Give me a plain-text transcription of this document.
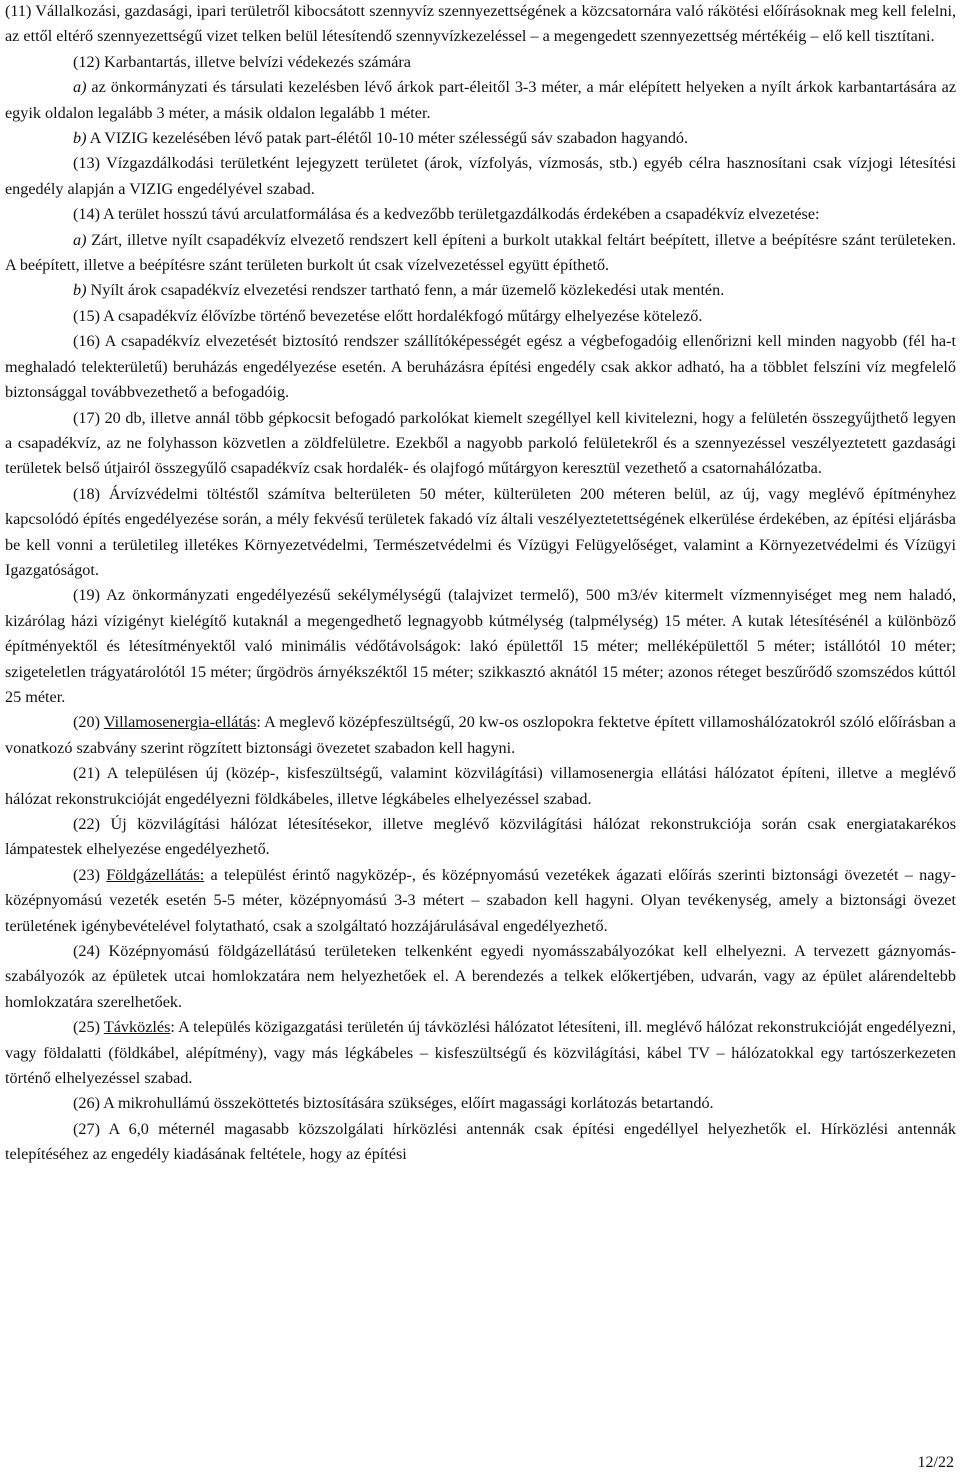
(11) Vállalkozási, gazdasági, ipari területről kibocsátott szennyvíz szennyezettségének a közcsatornára való rákötési előírásoknak meg kell felelni, az ettől eltérő szennyezettségű vizet telken belül létesítendő szennyvízkezeléssel – a megengedett szennyezettség mértékéig – elő kell tisztítani.

(12) Karbantartás, illetve belvízi védekezés számára

a) az önkormányzati és társulati kezelésben lévő árkok part-éleitől 3-3 méter, a már elépített helyeken a nyílt árkok karbantartására az egyik oldalon legalább 3 méter, a másik oldalon legalább 1 méter.

b) A VIZIG kezelésében lévő patak part-élétől 10-10 méter szélességű sáv szabadon hagyandó.

(13) Vízgazdálkodási területként lejegyzett területet (árok, vízfolyás, vízmosás, stb.) egyéb célra hasznosítani csak vízjogi létesítési engedély alapján a VIZIG engedélyével szabad.

(14) A terület hosszú távú arculatformálása és a kedvezőbb területgazdálkodás érdekében a csapadékvíz elvezetése:

a) Zárt, illetve nyílt csapadékvíz elvezető rendszert kell építeni a burkolt utakkal feltárt beépített, illetve a beépítésre szánt területeken. A beépített, illetve a beépítésre szánt területen burkolt út csak vízelvezetéssel együtt építhető.

b) Nyílt árok csapadékvíz elvezetési rendszer tartható fenn, a már üzemelő közlekedési utak mentén.

(15) A csapadékvíz élővízbe történő bevezetése előtt hordalékfogó műtárgy elhelyezése kötelező.

(16) A csapadékvíz elvezetését biztosító rendszer szállítóképességét egész a végbefogadóig ellenőrizni kell minden nagyobb (fél ha-t meghaladó telekterületű) beruházás engedélyezése esetén. A beruházásra építési engedély csak akkor adható, ha a többlet felszíni víz megfelelő biztonsággal továbbvezethető a befogadóig.

(17) 20 db, illetve annál több gépkocsit befogadó parkolókat kiemelt szegéllyel kell kivitelezni, hogy a felületén összegyűjthető legyen a csapadékvíz, az ne folyhasson közvetlen a zöldfelületre. Ezekből a nagyobb parkoló felületekről és a szennyezéssel veszélyeztetett gazdasági területek belső útjairól összegyűlő csapadékvíz csak hordalék- és olajfogó műtárgyon keresztül vezethető a csatornahálózatba.

(18) Árvízvédelmi töltéstől számítva belterületen 50 méter, külterületen 200 méteren belül, az új, vagy meglévő építményhez kapcsolódó építés engedélyezése során, a mély fekvésű területek fakadó víz általi veszélyeztetettségének elkerülése érdekében, az építési eljárásba be kell vonni a területileg illetékes Környezetvédelmi, Természetvédelmi és Vízügyi Felügyelőséget, valamint a Környezetvédelmi és Vízügyi Igazgatóságot.

(19) Az önkormányzati engedélyezésű sekélymélységű (talajvizet termelő), 500 m3/év kitermelt vízmennyiséget meg nem haladó, kizárólag házi vízigényt kielégítő kutaknál a megengedhető legnagyobb kútmélység (talpmélység) 15 méter. A kutak létesítésénél a különböző építményektől és létesítményektől való minimális védőtávolságok: lakó épülettől 15 méter; melléképülettől 5 méter; istállótól 10 méter; szigeteletlen trágyatárolótól 15 méter; űrgödrös árnyékszéktől 15 méter; szikkasztó aknától 15 méter; azonos réteget beszűrődő szomszédos kúttól 25 méter.

(20) Villamosenergia-ellátás: A meglevő középfeszültségű, 20 kw-os oszlopokra fektetve épített villamoshálózatokról szóló előírásban a vonatkozó szabvány szerint rögzített biztonsági övezetet szabadon kell hagyni.

(21) A településen új (közép-, kisfeszültségű, valamint közvilágítási) villamosenergia ellátási hálózatot építeni, illetve a meglévő hálózat rekonstrukcióját engedélyezni földkábeles, illetve légkábeles elhelyezéssel szabad.

(22) Új közvilágítási hálózat létesítésekor, illetve meglévő közvilágítási hálózat rekonstrukciója során csak energiatakarékos lámpatestek elhelyezése engedélyezhető.

(23) Földgázellátás: a települést érintő nagyközép-, és középnyomású vezetékek ágazati előírás szerinti biztonsági övezetét – nagy-középnyomású vezeték esetén 5-5 méter, középnyomású 3-3 métert – szabadon kell hagyni. Olyan tevékenység, amely a biztonsági övezet területének igénybevételével folytatható, csak a szolgáltató hozzájárulásával engedélyezhető.

(24) Középnyomású földgázellátású területeken telkenként egyedi nyomásszabályozókat kell elhelyezni. A tervezett gáznyomás-szabályozók az épületek utcai homlokzatára nem helyezhetőek el. A berendezés a telkek előkertjében, udvarán, vagy az épület alárendeltebb homlokzatára szerelhetőek.

(25) Távközlés: A település közigazgatási területén új távközlési hálózatot létesíteni, ill. meglévő hálózat rekonstrukcióját engedélyezni, vagy földalatti (földkábel, alépítmény), vagy más légkábeles – kisfeszültségű és közvilágítási, kábel TV – hálózatokkal egy tartószerkezeten történő elhelyezéssel szabad.

(26) A mikrohullámú összeköttetés biztosítására szükséges, előírt magassági korlátozás betartandó.

(27) A 6,0 méternél magasabb közszolgálati hírközlési antennák csak építési engedéllyel helyezhetők el. Hírközlési antennák telepítéséhez az engedély kiadásának feltétele, hogy az építési

12/22
